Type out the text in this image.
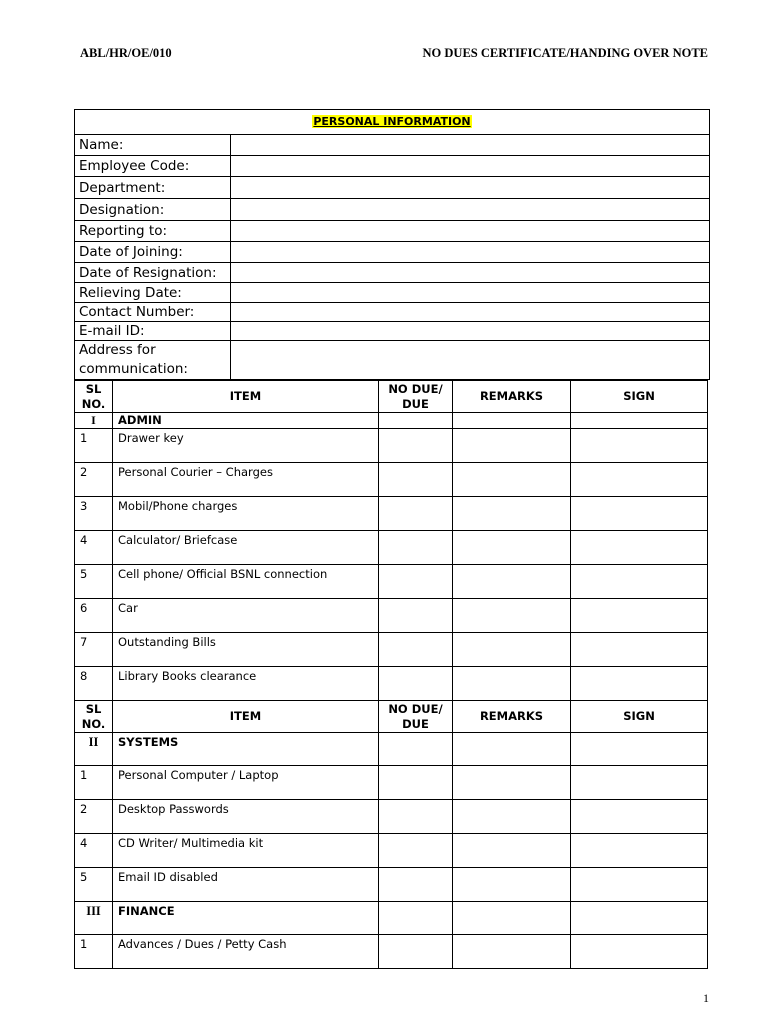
ABL/HR/OE/010	NO DUES CERTIFICATE/HANDING OVER NOTE
PERSONAL INFORMATION	
Name:	
Employee Code:	
Department:	
Designation:	
Reporting to:	
Date of Joining:	
Date of Resignation:	
Relieving Date:	
Contact Number:	
E-mail ID:	
Address for communication:	
SL NO.	ITEM	NO DUE/ DUE	REMARKS	SIGN
I	ADMIN			
1	Drawer key			
2	Personal Courier – Charges			
3	Mobil/Phone charges			
4	Calculator/ Briefcase			
5	Cell phone/ Official BSNL connection			
6	Car			
7	Outstanding Bills			
8	Library Books clearance			
SL NO.	ITEM	NO DUE/ DUE	REMARKS	SIGN
II	SYSTEMS			
1	Personal Computer / Laptop			
2	Desktop Passwords			
4	CD Writer/ Multimedia kit			
5	Email ID disabled			
III	FINANCE			
1	Advances / Dues / Petty Cash			
1
